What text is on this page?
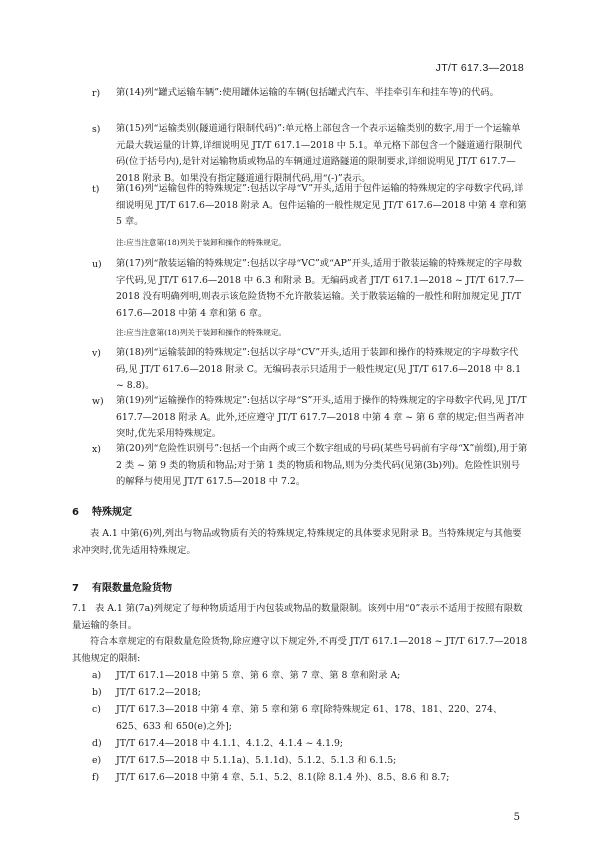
JT/T 617.3—2018
r) 第(14)列“罐式运输车辆”:使用罐体运输的车辆(包括罐式汽车、半挂牵引车和挂车等)的代码。
s) 第(15)列“运输类别(隧道通行限制代码)”:单元格上部包含一个表示运输类别的数字,用于一个运输单元最大载运量的计算,详细说明见 JT/T 617.1—2018 中 5.1。单元格下部包含一个隧道通行限制代码(位于括号内),是针对运输物质或物品的车辆通过道路隧道的限制要求,详细说明见 JT/T 617.7—2018 附录 B。如果没有指定隧道通行限制代码,用“(-)”表示。
t) 第(16)列“运输包件的特殊规定”:包括以字母“V”开头,适用于包件运输的特殊规定的字母数字代码,详细说明见 JT/T 617.6—2018 附录 A。包件运输的一般性规定见 JT/T 617.6—2018 中第 4 章和第 5 章。
注:应当注意第(18)列关于装卸和操作的特殊规定。
u) 第(17)列“散装运输的特殊规定”:包括以字母“VC”或“AP”开头,适用于散装运输的特殊规定的字母数字代码,见 JT/T 617.6—2018 中 6.3 和附录 B。无编码或者 JT/T 617.1—2018 ~ JT/T 617.7—2018 没有明确列明,则表示该危险货物不允许散装运输。关于散装运输的一般性和附加规定见 JT/T 617.6—2018 中第 4 章和第 6 章。
注:应当注意第(18)列关于装卸和操作的特殊规定。
v) 第(18)列“运输装卸的特殊规定”:包括以字母“CV”开头,适用于装卸和操作的特殊规定的字母数字代码,见 JT/T 617.6—2018 附录 C。无编码表示只适用于一般性规定(见 JT/T 617.6—2018 中 8.1 ~ 8.8)。
w) 第(19)列“运输操作的特殊规定”:包括以字母“S”开头,适用于操作的特殊规定的字母数字代码,见 JT/T 617.7—2018 附录 A。此外,还应遵守 JT/T 617.7—2018 中第 4 章 ~ 第 6 章的规定;但当两者冲突时,优先采用特殊规定。
x) 第(20)列“危险性识别号”:包括一个由两个或三个数字组成的号码(某些号码前有字母“X”前缀),用于第 2 类 ~ 第 9 类的物质和物品;对于第 1 类的物质和物品,则为分类代码(见第(3b)列)。危险性识别号的解释与使用见 JT/T 617.5—2018 中 7.2。
6 特殊规定
表 A.1 中第(6)列,列出与物品或物质有关的特殊规定,特殊规定的具体要求见附录 B。当特殊规定与其他要求冲突时,优先适用特殊规定。
7 有限数量危险货物
7.1 表 A.1 第(7a)列规定了每种物质适用于内包装或物品的数量限制。该列中用“0”表示不适用于按照有限数量运输的条目。
符合本章规定的有限数量危险货物,除应遵守以下规定外,不再受 JT/T 617.1—2018 ~ JT/T 617.7—2018 其他规定的限制:
a) JT/T 617.1—2018 中第 5 章、第 6 章、第 7 章、第 8 章和附录 A;
b) JT/T 617.2—2018;
c) JT/T 617.3—2018 中第 4 章、第 5 章和第 6 章[除特殊规定 61、178、181、220、274、625、633 和 650(e)之外];
d) JT/T 617.4—2018 中 4.1.1、4.1.2、4.1.4 ~ 4.1.9;
e) JT/T 617.5—2018 中 5.1.1a)、5.1.1d)、5.1.2、5.1.3 和 6.1.5;
f) JT/T 617.6—2018 中第 4 章、5.1、5.2、8.1(除 8.1.4 外)、8.5、8.6 和 8.7;
5
